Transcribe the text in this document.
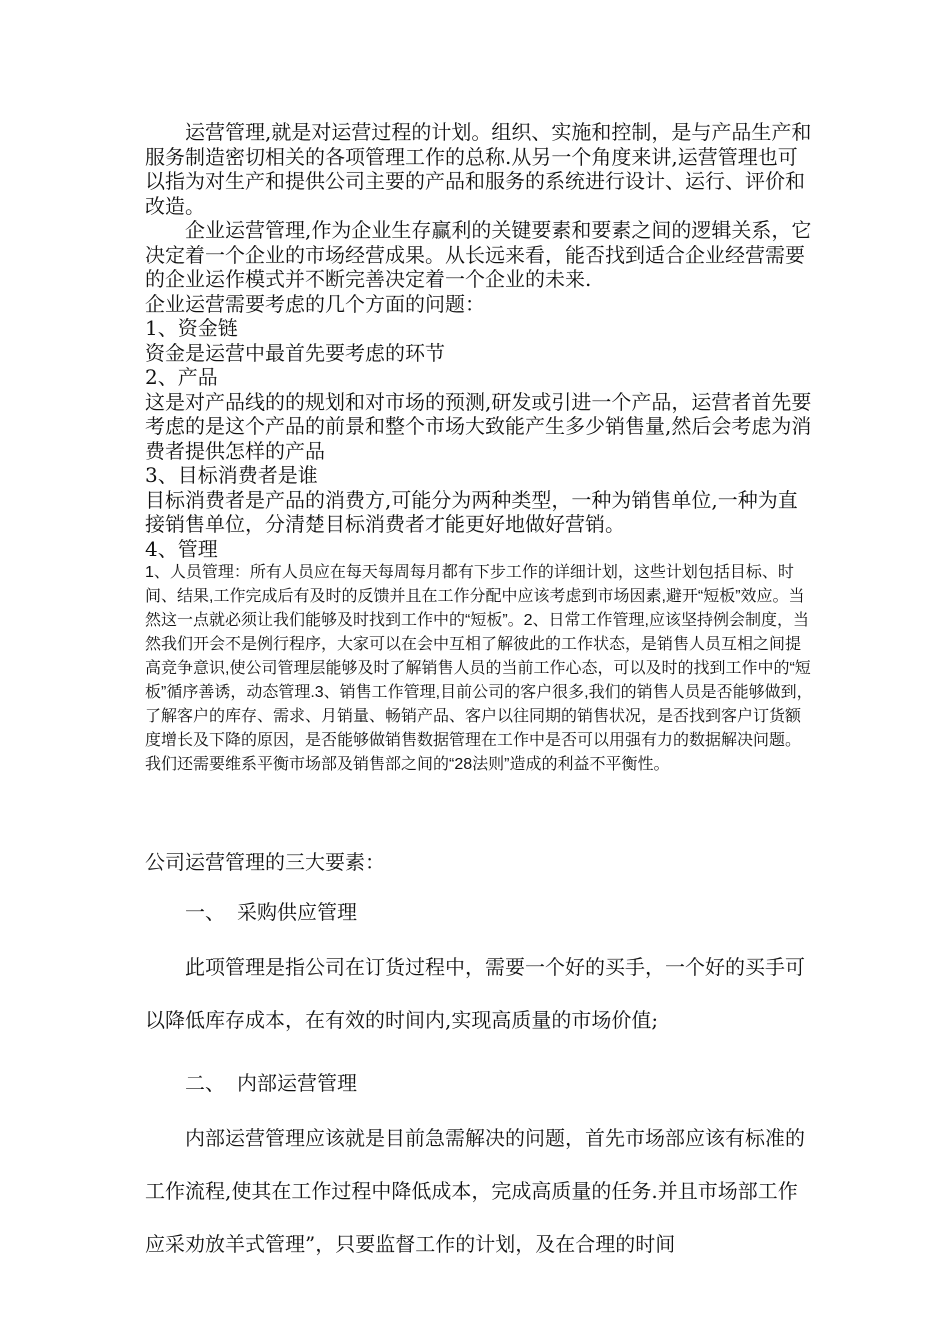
运营管理,就是对运营过程的计划。组织、实施和控制，是与产品生产和服务制造密切相关的各项管理工作的总称.从另一个角度来讲,运营管理也可以指为对生产和提供公司主要的产品和服务的系统进行设计、运行、评价和改造。

企业运营管理,作为企业生存赢利的关键要素和要素之间的逻辑关系，它决定着一个企业的市场经营成果。从长远来看，能否找到适合企业经营需要的企业运作模式并不断完善决定着一个企业的未来.

企业运营需要考虑的几个方面的问题：

1、资金链

资金是运营中最首先要考虑的环节

2、产品

这是对产品线的的规划和对市场的预测,研发或引进一个产品，运营者首先要考虑的是这个产品的前景和整个市场大致能产生多少销售量,然后会考虑为消费者提供怎样的产品

3、目标消费者是谁

目标消费者是产品的消费方,可能分为两种类型，一种为销售单位,一种为直接销售单位，分清楚目标消费者才能更好地做好营销。

4、管理

1、人员管理：所有人员应在每天每周每月都有下步工作的详细计划，这些计划包括目标、时间、结果,工作完成后有及时的反馈并且在工作分配中应该考虑到市场因素,避开“短板”效应。当然这一点就必须让我们能够及时找到工作中的“短板”。2、日常工作管理,应该坚持例会制度，当然我们开会不是例行程序，大家可以在会中互相了解彼此的工作状态，是销售人员互相之间提高竞争意识,使公司管理层能够及时了解销售人员的当前工作心态，可以及时的找到工作中的“短板”循序善诱，动态管理.3、销售工作管理,目前公司的客户很多,我们的销售人员是否能够做到，了解客户的库存、需求、月销量、畅销产品、客户以往同期的销售状况，是否找到客户订货额度增长及下降的原因，是否能够做销售数据管理在工作中是否可以用强有力的数据解决问题。我们还需要维系平衡市场部及销售部之间的“28法则”造成的利益不平衡性。

公司运营管理的三大要素：

一、 采购供应管理

此项管理是指公司在订货过程中，需要一个好的买手，一个好的买手可以降低库存成本，在有效的时间内,实现高质量的市场价值;

二、 内部运营管理

内部运营管理应该就是目前急需解决的问题，首先市场部应该有标准的工作流程,使其在工作过程中降低成本，完成高质量的任务.并且市场部工作应采劝放羊式管理”，只要监督工作的计划，及在合理的时间
